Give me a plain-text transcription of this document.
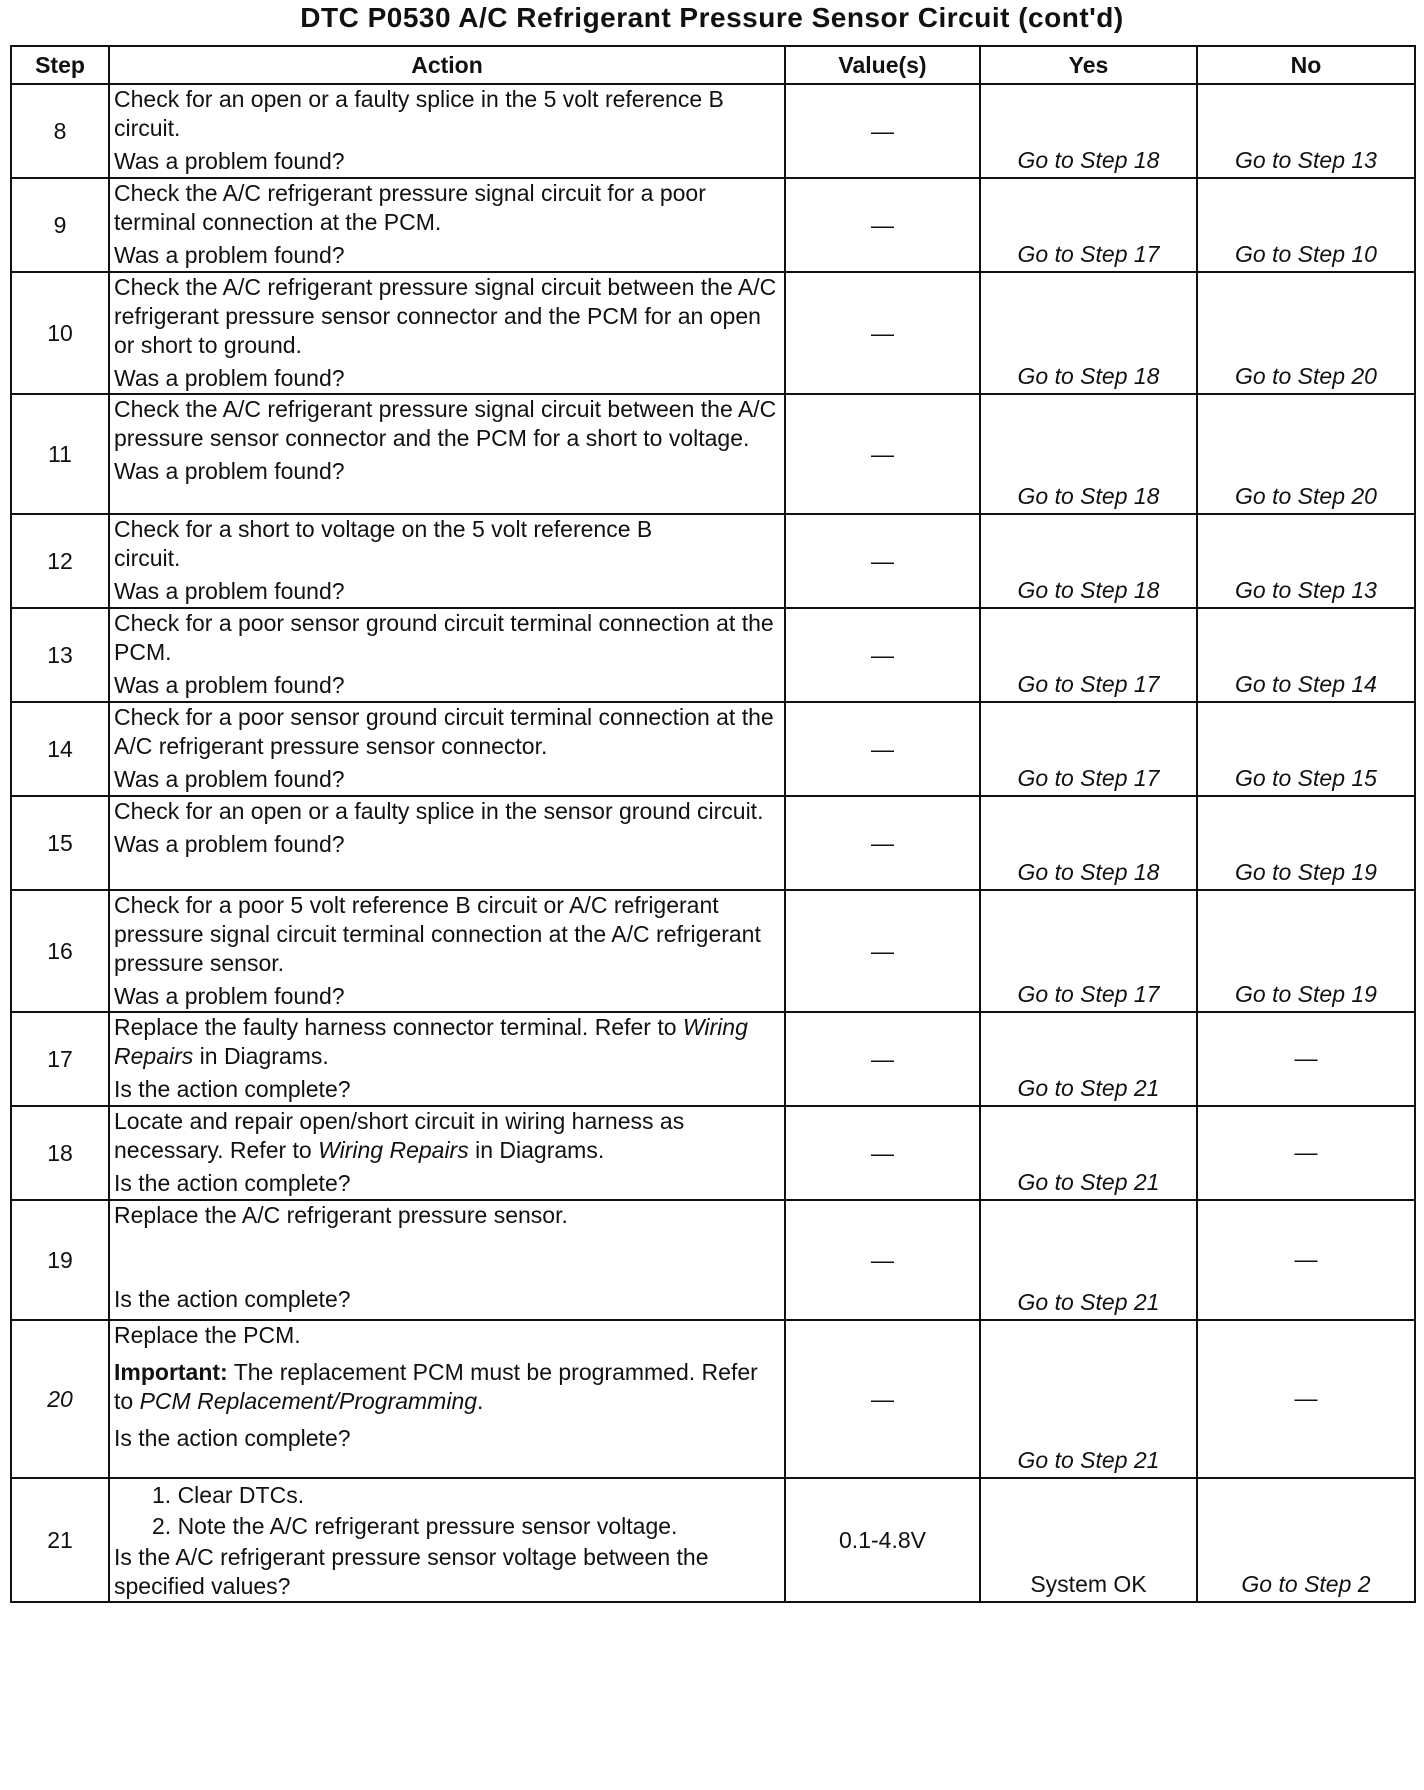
DTC P0530 A/C Refrigerant Pressure Sensor Circuit (cont'd)
Step	Action	Value(s)	Yes	No
8	Check for an open or a faulty splice in the 5 volt reference B circuit.
Was a problem found?	—	Go to Step 18	Go to Step 13
9	Check the A/C refrigerant pressure signal circuit for a poor terminal connection at the PCM.
Was a problem found?	—	Go to Step 17	Go to Step 10
10	Check the A/C refrigerant pressure signal circuit between the A/C refrigerant pressure sensor connector and the PCM for an open or short to ground.
Was a problem found?	—	Go to Step 18	Go to Step 20
11	Check the A/C refrigerant pressure signal circuit between the A/C pressure sensor connector and the PCM for a short to voltage.
Was a problem found?	—	Go to Step 18	Go to Step 20
12	Check for a short to voltage on the 5 volt reference B circuit.
Was a problem found?	—	Go to Step 18	Go to Step 13
13	Check for a poor sensor ground circuit terminal connection at the PCM.
Was a problem found?	—	Go to Step 17	Go to Step 14
14	Check for a poor sensor ground circuit terminal connection at the A/C refrigerant pressure sensor connector.
Was a problem found?	—	Go to Step 17	Go to Step 15
15	Check for an open or a faulty splice in the sensor ground circuit.
Was a problem found?	—	Go to Step 18	Go to Step 19
16	Check for a poor 5 volt reference B circuit or A/C refrigerant pressure signal circuit terminal connection at the A/C refrigerant pressure sensor.
Was a problem found?	—	Go to Step 17	Go to Step 19
17	Replace the faulty harness connector terminal. Refer to Wiring Repairs in Diagrams.
Is the action complete?	—	Go to Step 21	—
18	Locate and repair open/short circuit in wiring harness as necessary. Refer to Wiring Repairs in Diagrams.
Is the action complete?	—	Go to Step 21	—
19	Replace the A/C refrigerant pressure sensor.
Is the action complete?	—	Go to Step 21	—
20	Replace the PCM.
Important: The replacement PCM must be programmed. Refer to PCM Replacement/Programming.
Is the action complete?	—	Go to Step 21	—
21	1. Clear DTCs.
2. Note the A/C refrigerant pressure sensor voltage.
Is the A/C refrigerant pressure sensor voltage between the specified values?	0.1-4.8V	System OK	Go to Step 2
